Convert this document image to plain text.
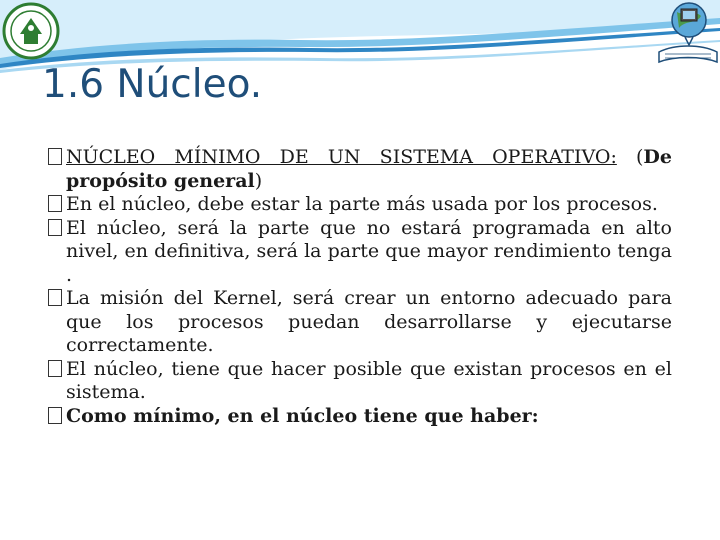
1.6 Núcleo.

NÚCLEO MÍNIMO DE UN SISTEMA OPERATIVO: (De propósito general)

En el núcleo, debe estar la parte más usada por los procesos.

El núcleo, será la parte que no estará programada en alto nivel, en definitiva, será la parte que mayor rendimiento tenga .

La misión del Kernel, será crear un entorno adecuado para que los procesos puedan desarrollarse y ejecutarse correctamente.

El núcleo, tiene que hacer posible que existan procesos en el sistema.

Como mínimo, en el núcleo tiene que haber:
